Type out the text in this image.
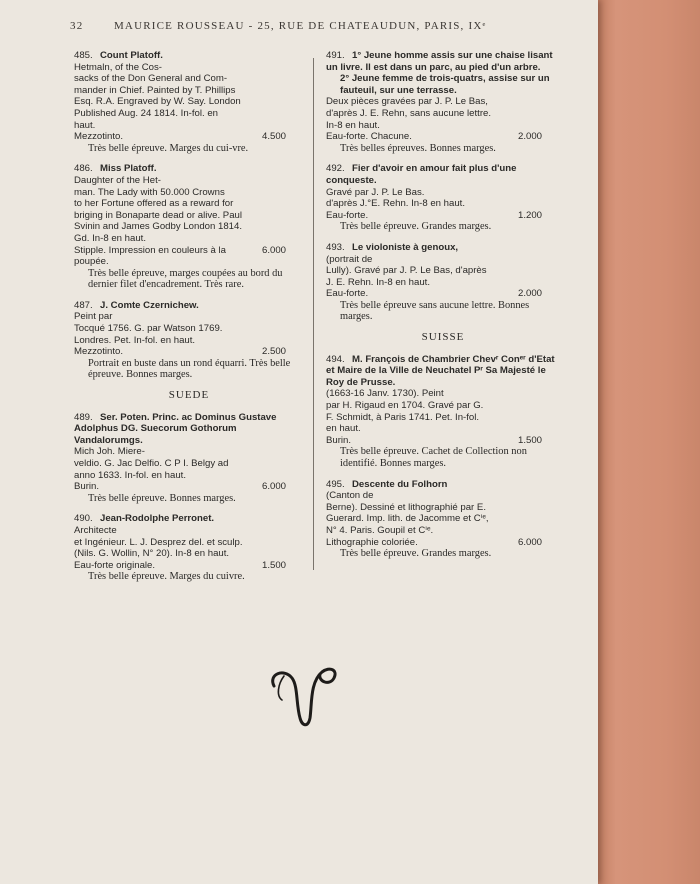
32	MAURICE ROUSSEAU - 25, RUE DE CHATEAUDUN, PARIS, IXᵉ
485. Count Platoff.
Hetmaln, of the Cos-
sacks of the Don General and Com-
mander in Chief. Painted by T. Phillips
Esq. R.A. Engraved by W. Say. London
Published Aug. 24 1814. In-fol. en
haut.
Mezzotinto.	4.500
Très belle épreuve. Marges du cui-vre.
486. Miss Platoff.
Daughter of the Het-
man. The Lady with 50.000 Crowns
to her Fortune offered as a reward for
briging in Bonaparte dead or alive. Paul
Svinin and James Godby London 1814.
Gd. In-8 en haut.
Stipple. Impression en couleurs à la poupée.
6.000
Très belle épreuve, marges coupées au bord du dernier filet d'encadrement. Très rare.
487. J. Comte Czernichew.
Peint par
Tocqué 1756. G. par Watson 1769.
Londres. Pet. In-fol. en haut.
Mezzotinto.	2.500
Portrait en buste dans un rond équarri. Très belle épreuve. Bonnes marges.
SUEDE
489. Ser. Poten. Princ. ac Dominus Gustave Adolphus DG. Suecorum Gothorum Vandalorumgs.
Mich Joh. Miere-
veldio. G. Jac Delfio. C P I. Belgy ad
anno 1633. In-fol. en haut.
Burin.	6.000
Très belle épreuve. Bonnes marges.
490. Jean-Rodolphe Perronet.
Architecte
et Ingénieur. L. J. Desprez del. et sculp.
(Nils. G. Wollin, N° 20). In-8 en haut.
Eau-forte originale.	1.500
Très belle épreuve. Marges du cuivre.
491. 1° Jeune homme assis sur une chaise lisant un livre. Il est dans un parc, au pied d'un arbre.
2° Jeune femme de trois-quatrs, assise sur un fauteuil, sur une terrasse.
Deux pièces gravées par J. P. Le Bas,
d'après J. E. Rehn, sans aucune lettre.
In-8 en haut.
Eau-forte. Chacune.	2.000
Très belles épreuves. Bonnes marges.
492. Fier d'avoir en amour fait plus d'une conqueste.
Gravé par J. P. Le Bas.
d'après J.°E. Rehn. In-8 en haut.
Eau-forte.	1.200
Très belle épreuve. Grandes marges.
493. Le violoniste à genoux,
(portrait de
Lully). Gravé par J. P. Le Bas, d'après
J. E. Rehn. In-8 en haut.
Eau-forte.	2.000
Très belle épreuve sans aucune lettre. Bonnes marges.
SUISSE
494. M. François de Chambrier Chevʳ Conᵉʳ d'Etat et Maire de la Ville de Neuchatel Pʳ Sa Majesté le Roy de Prusse.
(1663-16 Janv. 1730). Peint
par H. Rigaud en 1704. Gravé par G.
F. Schmidt, à Paris 1741. Pet. In-fol.
en haut.
Burin.	1.500
Très belle épreuve. Cachet de Collection non identifié. Bonnes marges.
495. Descente du Folhorn
(Canton de
Berne). Dessiné et lithographié par E.
Guerard. Imp. lith. de Jacomme et Cⁱᵉ,
N° 4. Paris. Goupil et Cⁱᵉ.
Lithographie coloriée.	6.000
Très belle épreuve. Grandes marges.
